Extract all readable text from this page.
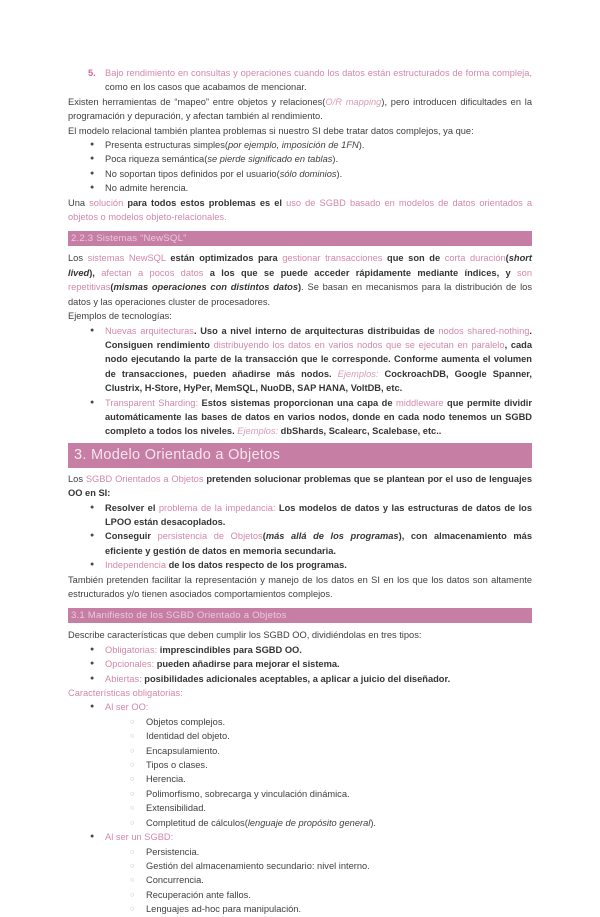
5. Bajo rendimiento en consultas y operaciones cuando los datos están estructurados de forma compleja, como en los casos que acabamos de mencionar.
Existen herramientas de “mapeo” entre objetos y relaciones(O/R mapping), pero introducen dificultades en la programación y depuración, y afectan también al rendimiento.
El modelo relacional también plantea problemas si nuestro SI debe tratar datos complejos, ya que:
●
Presenta estructuras simples(por ejemplo, imposición de 1FN).
●
Poca riqueza semántica(se pierde significado en tablas).
●
No soportan tipos definidos por el usuario(sólo dominios).
●
No admite herencia.
Una solución para todos estos problemas es el uso de SGBD basado en modelos de datos orientados a objetos o modelos objeto-relacionales.
2.2.3 Sistemas “NewSQL”
Los sistemas NewSQL están optimizados para gestionar transacciones que son de corta duración(short lived), afectan a pocos datos a los que se puede acceder rápidamente mediante índices, y son repetitivas(mismas operaciones con distintos datos). Se basan en mecanismos para la distribución de los datos y las operaciones cluster de procesadores.
Ejemplos de tecnologías:
●
Nuevas arquitecturas. Uso a nivel interno de arquitecturas distribuidas de nodos shared-nothing. Consiguen rendimiento distribuyendo los datos en varios nodos que se ejecutan en paralelo, cada nodo ejecutando la parte de la transacción que le corresponde. Conforme aumenta el volumen de transacciones, pueden añadirse más nodos. Ejemplos: CockroachDB, Google Spanner, Clustrix, H-Store, HyPer, MemSQL, NuoDB, SAP HANA, VoltDB, etc.
●
Transparent Sharding: Estos sistemas proporcionan una capa de middleware que permite dividir automáticamente las bases de datos en varios nodos, donde en cada nodo tenemos un SGBD completo a todos los niveles. Ejemplos: dbShards, Scalearc, Scalebase, etc..
3. Modelo Orientado a Objetos
Los SGBD Orientados a Objetos pretenden solucionar problemas que se plantean por el uso de lenguajes OO en SI:
●
Resolver el problema de la impedancia: Los modelos de datos y las estructuras de datos de los LPOO están desacoplados.
●
Conseguir persistencia de Objetos(más allá de los programas), con almacenamiento más eficiente y gestión de datos en memoria secundaria.
●
Independencia de los datos respecto de los programas.
También pretenden facilitar la representación y manejo de los datos en SI en los que los datos son altamente estructurados y/o tienen asociados comportamientos complejos.
3.1 Manifiesto de los SGBD Orientado a Objetos
Describe características que deben cumplir los SGBD OO, dividiéndolas en tres tipos:
●
Obligatorias: imprescindibles para SGBD OO.
●
Opcionales: pueden añadirse para mejorar el sistema.
●
Abiertas: posibilidades adicionales aceptables, a aplicar a juicio del diseñador.
Características obligatorias:
●
Al ser OO:
○
Objetos complejos.
○
Identidad del objeto.
○
Encapsulamiento.
○
Tipos o clases.
○
Herencia.
○
Polimorfismo, sobrecarga y vinculación dinámica.
○
Extensibilidad.
○
Completitud de cálculos(lenguaje de propósito general).
●
Al ser un SGBD:
○
Persistencia.
○
Gestión del almacenamiento secundario: nivel interno.
○
Concurrencia.
○
Recuperación ante fallos.
○
Lenguajes ad-hoc para manipulación.
